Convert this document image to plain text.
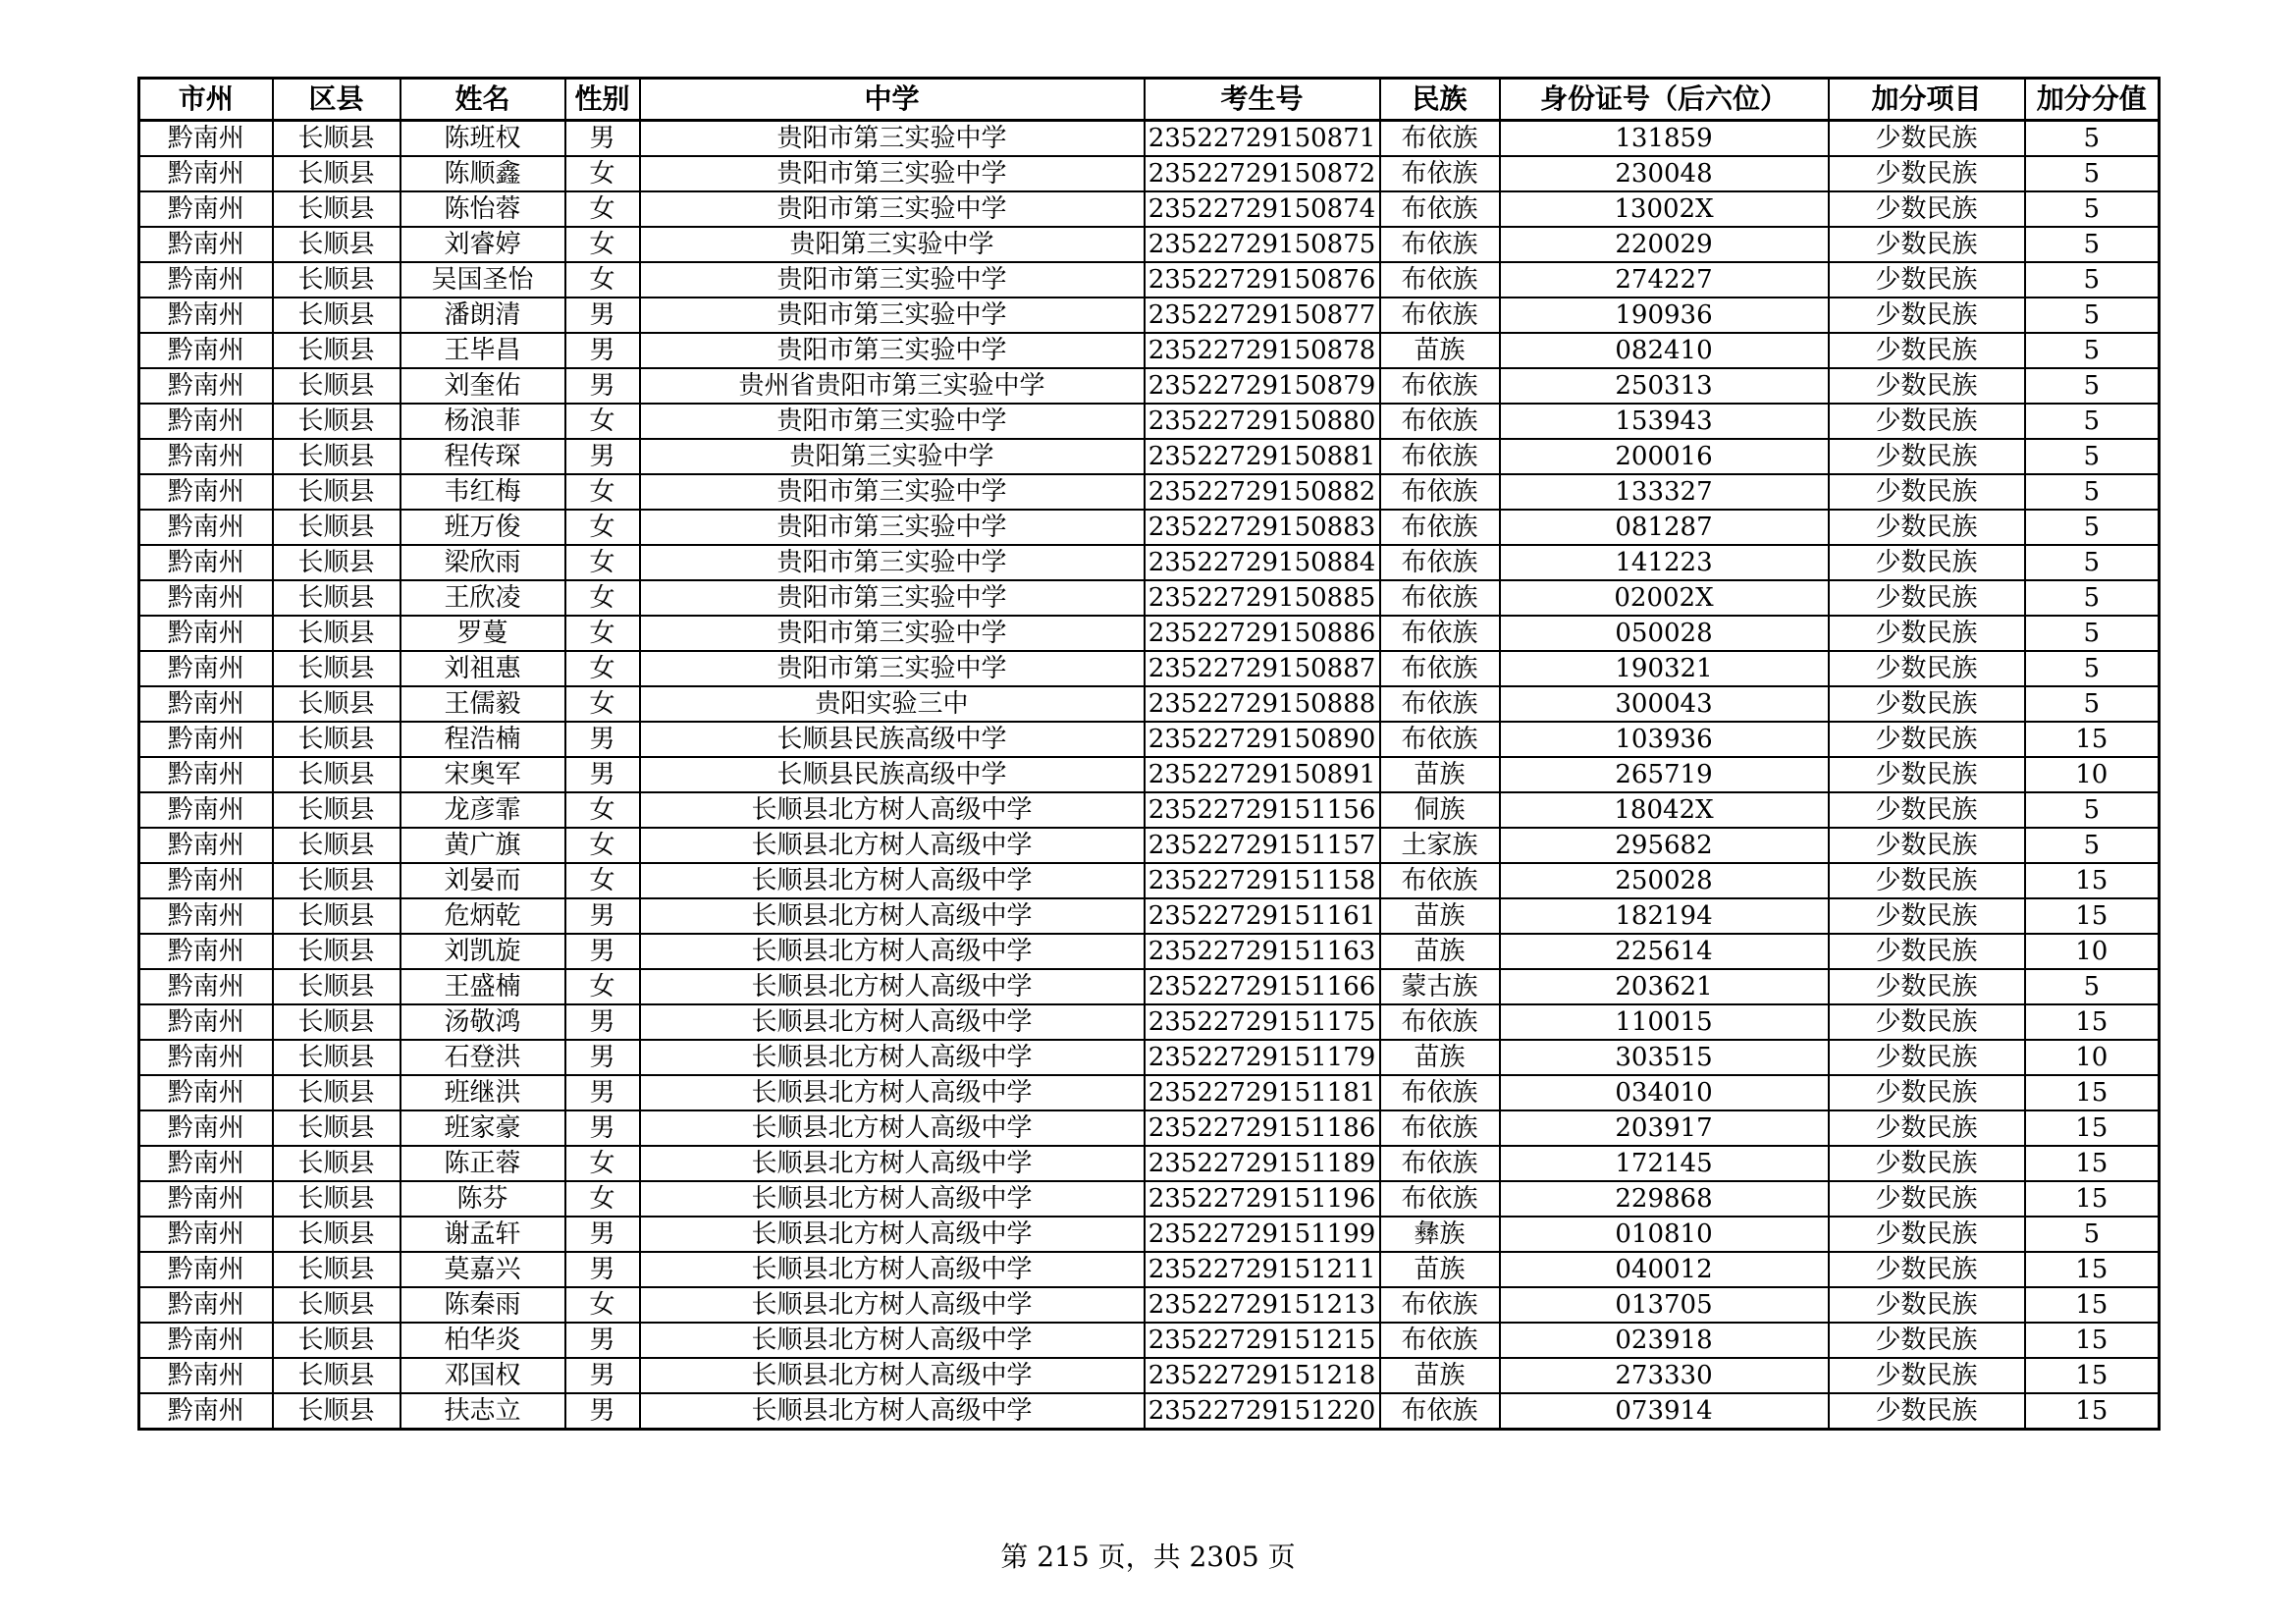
市州	区县	姓名	性别	中学	考生号	民族	身份证号（后六位）	加分项目	加分分值
黔南州	长顺县	陈班权	男	贵阳市第三实验中学	23522729150871	布依族	131859	少数民族	5
黔南州	长顺县	陈顺鑫	女	贵阳市第三实验中学	23522729150872	布依族	230048	少数民族	5
黔南州	长顺县	陈怡蓉	女	贵阳市第三实验中学	23522729150874	布依族	13002X	少数民族	5
黔南州	长顺县	刘睿婷	女	贵阳第三实验中学	23522729150875	布依族	220029	少数民族	5
黔南州	长顺县	吴国圣怡	女	贵阳市第三实验中学	23522729150876	布依族	274227	少数民族	5
黔南州	长顺县	潘朗清	男	贵阳市第三实验中学	23522729150877	布依族	190936	少数民族	5
黔南州	长顺县	王毕昌	男	贵阳市第三实验中学	23522729150878	苗族	082410	少数民族	5
黔南州	长顺县	刘奎佑	男	贵州省贵阳市第三实验中学	23522729150879	布依族	250313	少数民族	5
黔南州	长顺县	杨浪菲	女	贵阳市第三实验中学	23522729150880	布依族	153943	少数民族	5
黔南州	长顺县	程传琛	男	贵阳第三实验中学	23522729150881	布依族	200016	少数民族	5
黔南州	长顺县	韦红梅	女	贵阳市第三实验中学	23522729150882	布依族	133327	少数民族	5
黔南州	长顺县	班万俊	女	贵阳市第三实验中学	23522729150883	布依族	081287	少数民族	5
黔南州	长顺县	梁欣雨	女	贵阳市第三实验中学	23522729150884	布依族	141223	少数民族	5
黔南州	长顺县	王欣凌	女	贵阳市第三实验中学	23522729150885	布依族	02002X	少数民族	5
黔南州	长顺县	罗蔓	女	贵阳市第三实验中学	23522729150886	布依族	050028	少数民族	5
黔南州	长顺县	刘祖惠	女	贵阳市第三实验中学	23522729150887	布依族	190321	少数民族	5
黔南州	长顺县	王儒毅	女	贵阳实验三中	23522729150888	布依族	300043	少数民族	5
黔南州	长顺县	程浩楠	男	长顺县民族高级中学	23522729150890	布依族	103936	少数民族	15
黔南州	长顺县	宋奥军	男	长顺县民族高级中学	23522729150891	苗族	265719	少数民族	10
黔南州	长顺县	龙彦霏	女	长顺县北方树人高级中学	23522729151156	侗族	18042X	少数民族	5
黔南州	长顺县	黄广旗	女	长顺县北方树人高级中学	23522729151157	土家族	295682	少数民族	5
黔南州	长顺县	刘晏而	女	长顺县北方树人高级中学	23522729151158	布依族	250028	少数民族	15
黔南州	长顺县	危炳乾	男	长顺县北方树人高级中学	23522729151161	苗族	182194	少数民族	15
黔南州	长顺县	刘凯旋	男	长顺县北方树人高级中学	23522729151163	苗族	225614	少数民族	10
黔南州	长顺县	王盛楠	女	长顺县北方树人高级中学	23522729151166	蒙古族	203621	少数民族	5
黔南州	长顺县	汤敬鸿	男	长顺县北方树人高级中学	23522729151175	布依族	110015	少数民族	15
黔南州	长顺县	石登洪	男	长顺县北方树人高级中学	23522729151179	苗族	303515	少数民族	10
黔南州	长顺县	班继洪	男	长顺县北方树人高级中学	23522729151181	布依族	034010	少数民族	15
黔南州	长顺县	班家豪	男	长顺县北方树人高级中学	23522729151186	布依族	203917	少数民族	15
黔南州	长顺县	陈正蓉	女	长顺县北方树人高级中学	23522729151189	布依族	172145	少数民族	15
黔南州	长顺县	陈芬	女	长顺县北方树人高级中学	23522729151196	布依族	229868	少数民族	15
黔南州	长顺县	谢孟轩	男	长顺县北方树人高级中学	23522729151199	彝族	010810	少数民族	5
黔南州	长顺县	莫嘉兴	男	长顺县北方树人高级中学	23522729151211	苗族	040012	少数民族	15
黔南州	长顺县	陈秦雨	女	长顺县北方树人高级中学	23522729151213	布依族	013705	少数民族	15
黔南州	长顺县	柏华炎	男	长顺县北方树人高级中学	23522729151215	布依族	023918	少数民族	15
黔南州	长顺县	邓国权	男	长顺县北方树人高级中学	23522729151218	苗族	273330	少数民族	15
黔南州	长顺县	扶志立	男	长顺县北方树人高级中学	23522729151220	布依族	073914	少数民族	15
第 215 页，共 2305 页
